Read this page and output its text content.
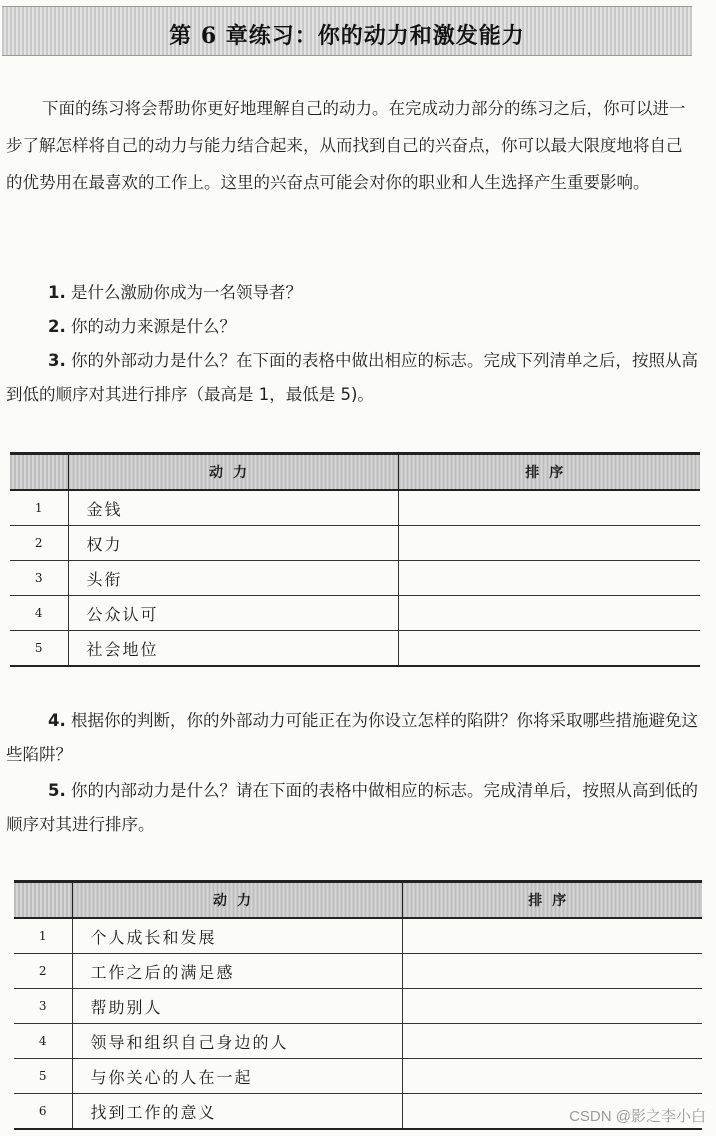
第 6 章练习：你的动力和激发能力
下面的练习将会帮助你更好地理解自己的动力。在完成动力部分的练习之后，你可以进一步了解怎样将自己的动力与能力结合起来，从而找到自己的兴奋点，你可以最大限度地将自己的优势用在最喜欢的工作上。这里的兴奋点可能会对你的职业和人生选择产生重要影响。
1. 是什么激励你成为一名领导者？
2. 你的动力来源是什么？
3. 你的外部动力是什么？在下面的表格中做出相应的标志。完成下列清单之后，按照从高到低的顺序对其进行排序（最高是 1，最低是 5)。
	动力	排序
1	金钱	
2	权力	
3	头衔	
4	公众认可	
5	社会地位	
4. 根据你的判断，你的外部动力可能正在为你设立怎样的陷阱？你将采取哪些措施避免这些陷阱？
5. 你的内部动力是什么？请在下面的表格中做相应的标志。完成清单后，按照从高到低的顺序对其进行排序。
	动力	排序
1	个人成长和发展	
2	工作之后的满足感	
3	帮助别人	
4	领导和组织自己身边的人	
5	与你关心的人在一起	
6	找到工作的意义		CSDN @影之李小白
